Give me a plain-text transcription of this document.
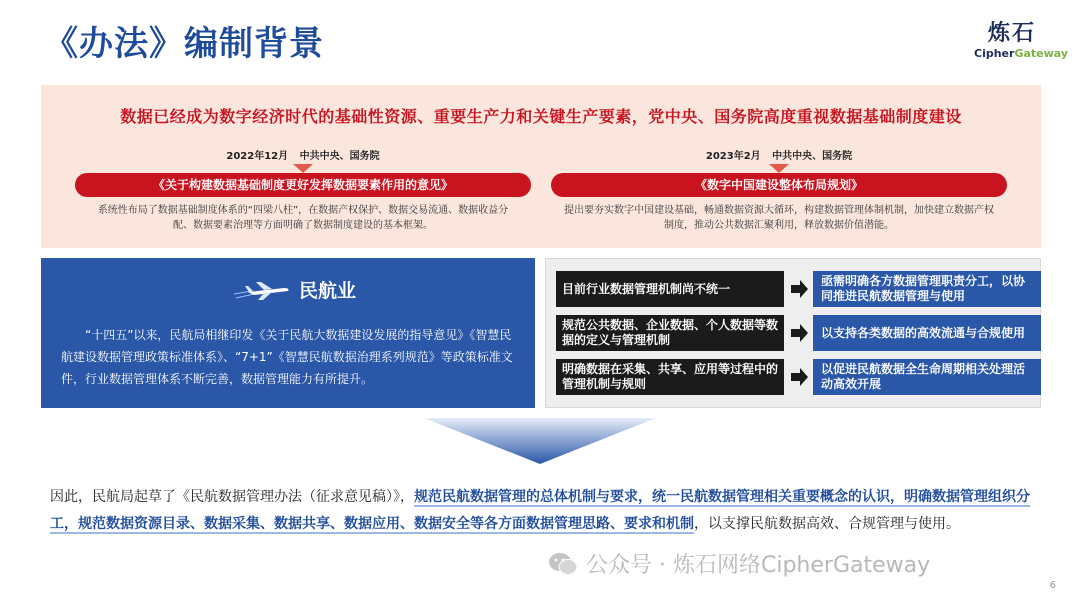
《办法》编制背景	炼石
CipherGateway
数据已经成为数字经济时代的基础性资源、重要生产力和关键生产要素，党中央、国务院高度重视数据基础制度建设
2022年12月 中共中央、国务院
《关于构建数据基础制度更好发挥数据要素作用的意见》
系统性布局了数据基础制度体系的“四梁八柱”，在数据产权保护、数据交易流通、数据收益分配、数据要素治理等方面明确了数据制度建设的基本框架。
2023年2月 中共中央、国务院
《数字中国建设整体布局规划》
提出要夯实数字中国建设基础，畅通数据资源大循环，构建数据管理体制机制，加快建立数据产权制度，推动公共数据汇聚利用，释放数据价值潜能。
民航业
“十四五”以来，民航局相继印发《关于民航大数据建设发展的指导意见》《智慧民航建设数据管理政策标准体系》、“7+1”《智慧民航数据治理系列规范》等政策标准文件，行业数据管理体系不断完善，数据管理能力有所提升。
目前行业数据管理机制尚不统一
亟需明确各方数据管理职责分工，以协同推进民航数据管理与使用
规范公共数据、企业数据、个人数据等数据的定义与管理机制
以支持各类数据的高效流通与合规使用
明确数据在采集、共享、应用等过程中的管理机制与规则
以促进民航数据全生命周期相关处理活动高效开展
因此，民航局起草了《民航数据管理办法（征求意见稿）》，规范民航数据管理的总体机制与要求，统一民航数据管理相关重要概念的认识，明确数据管理组织分工，规范数据资源目录、数据采集、数据共享、数据应用、数据安全等各方面数据管理思路、要求和机制，以支撑民航数据高效、合规管理与使用。
公众号 · 炼石网络CipherGateway
6
